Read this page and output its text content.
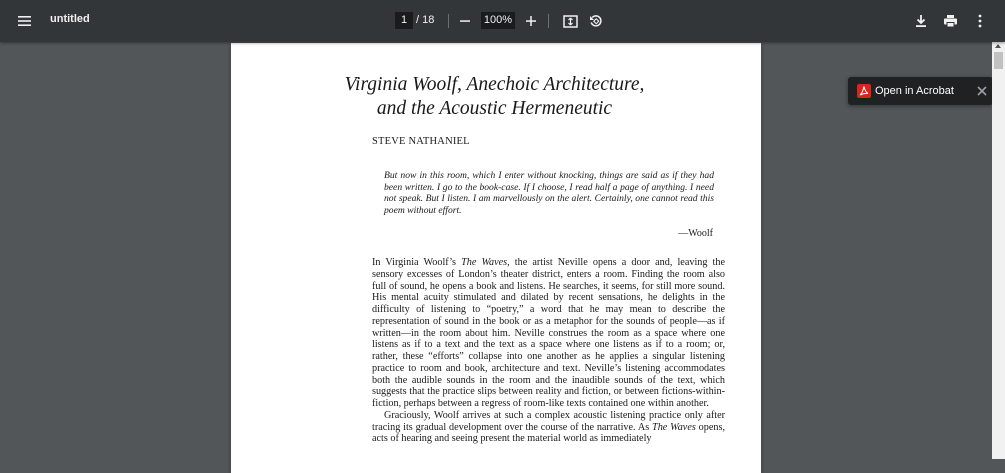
untitled
1	/ 18
100%
Virginia Woolf, Anechoic Architecture,
and the Acoustic Hermeneutic
STEVE NATHANIEL
But now in this room, which I enter without knocking, things are said as if they had been written. I go to the book-case. If I choose, I read half a page of anything. I need not speak. But I listen. I am marvellously on the alert. Certainly, one cannot read this poem without effort.
—Woolf

In Virginia Woolf’s The Waves, the artist Neville opens a door and, leaving the sensory excesses of London’s theater district, enters a room. Finding the room also full of sound, he opens a book and listens. He searches, it seems, for still more sound. His mental acuity stimulated and dilated by recent sensations, he delights in the difficulty of listening to “poetry,” a word that he may mean to describe the representation of sound in the book or as a metaphor for the sounds of people—as if written—in the room about him. Neville construes the room as a space where one listens as if to a text and the text as a space where one listens as if to a room; or, rather, these “efforts” collapse into one another as he applies a singular listening practice to room and book, architecture and text. Neville’s listening accommodates both the audible sounds in the room and the inaudible sounds of the text, which suggests that the practice slips between reality and fiction, or between fictions-within-fiction, perhaps between a regress of room-like texts contained one within another.

Graciously, Woolf arrives at such a complex acoustic listening practice only after tracing its gradual development over the course of the narrative. As The Waves opens, acts of hearing and seeing present the material world as immediately

Open in Acrobat
